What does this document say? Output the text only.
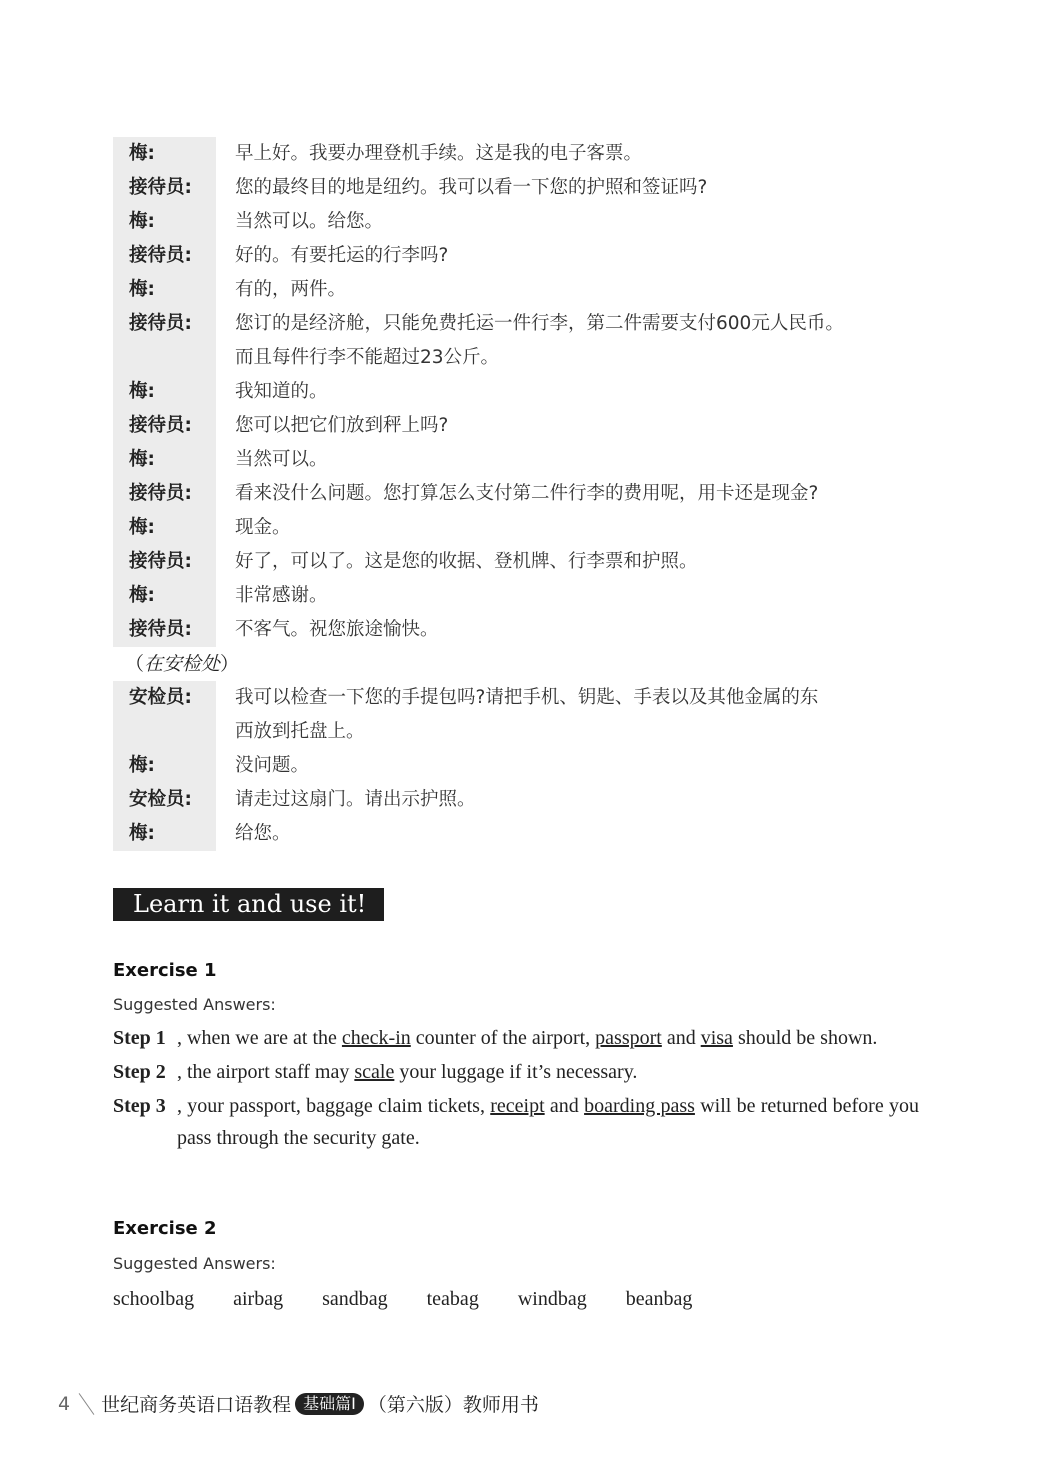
梅:	早上好。我要办理登机手续。这是我的电子客票。
接待员:	您的最终目的地是纽约。我可以看一下您的护照和签证吗?
梅:	当然可以。给您。
接待员:	好的。有要托运的行李吗?
梅:	有的，两件。
接待员:	您订的是经济舱，只能免费托运一件行李，第二件需要支付600元人民币。
而且每件行李不能超过23公斤。
梅:	我知道的。
接待员:	您可以把它们放到秤上吗?
梅:	当然可以。
接待员:	看来没什么问题。您打算怎么支付第二件行李的费用呢，用卡还是现金?
梅:	现金。
接待员:	好了，可以了。这是您的收据、登机牌、行李票和护照。
梅:	非常感谢。
接待员:	不客气。祝您旅途愉快。
（在安检处）
安检员:	我可以检查一下您的手提包吗?请把手机、钥匙、手表以及其他金属的东
西放到托盘上。
梅:	没问题。
安检员:	请走过这扇门。请出示护照。
梅:	给您。
Learn it and use it!
Exercise 1
Suggested Answers:
Step 1 , when we are at the check-in counter of the airport, passport and visa should be shown.
Step 2 , the airport staff may scale your luggage if it’s necessary.
Step 3 , your passport, baggage claim tickets, receipt and boarding pass will be returned before you pass through the security gate.
Exercise 2
Suggested Answers:
schoolbag airbag sandbag teabag windbag beanbag
4 世纪商务英语口语教程 基础篇Ⅰ （第六版）教师用书
